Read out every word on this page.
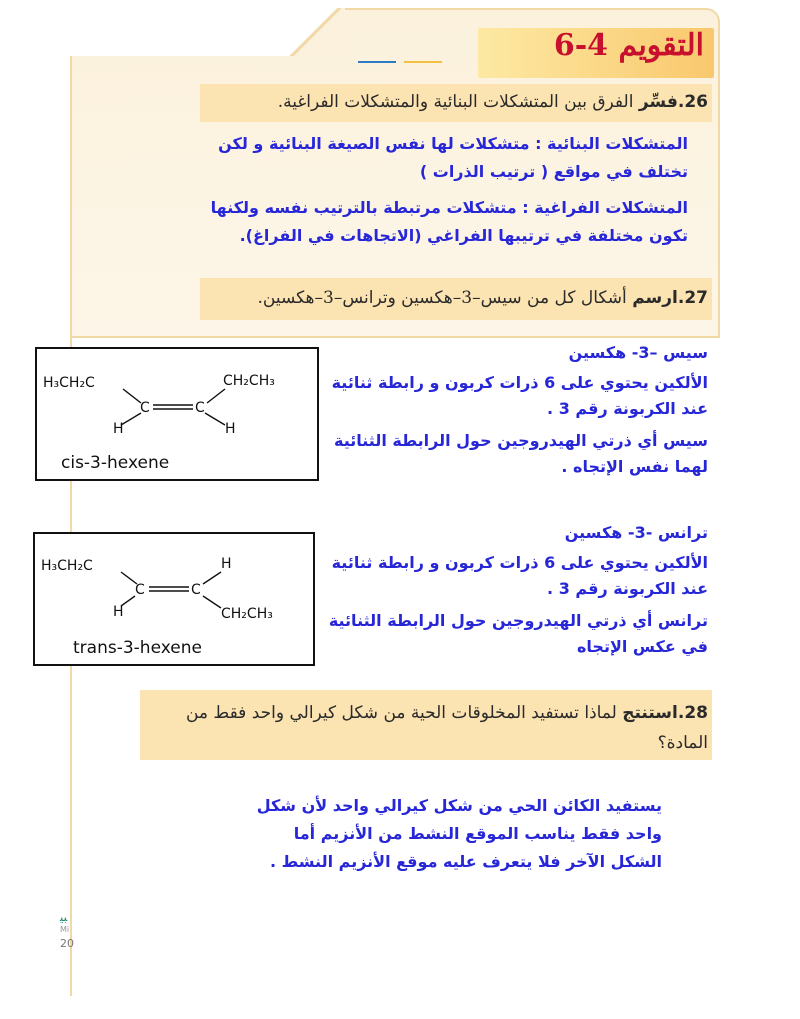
التقويم 4-6
26.فسِّر الفرق بين المتشكلات البنائية والمتشكلات الفراغية.
المتشكلات البنائية : متشكلات لها نفس الصيغة البنائية و لكن
تختلف في مواقع ( ترتيب الذرات )
المتشكلات الفراغية : متشكلات مرتبطة بالترتيب نفسه ولكنها
تكون مختلفة في ترتيبها الفراغي (الاتجاهات في الفراغ).
27.ارسم أشكال كل من سيس–3–هكسين وترانس–3–هكسين.
H₃CH₂C	CH₂CH₃
C	C
H	H
cis-3-hexene
سيس –3- هكسين
الألكين يحتوي على 6 ذرات كربون و رابطة ثنائية
عند الكربونة رقم 3 .
سيس أي ذرتي الهيدروجين حول الرابطة الثنائية
لهما نفس الإتجاه .
H₃CH₂C	H
C	C
H	CH₂CH₃
trans-3-hexene
ترانس -3- هكسين
الألكين يحتوي على 6 ذرات كربون و رابطة ثنائية
عند الكربونة رقم 3 .
ترانس أي ذرتي الهيدروجين حول الرابطة الثنائية
في عكس الإتجاه
28.استنتج لماذا تستفيد المخلوقات الحية من شكل كيرالي واحد فقط من
المادة؟
يستفيد الكائن الحي من شكل كيرالي واحد لأن شكل
واحد فقط يناسب الموقع النشط من الأنزيم أما
الشكل الآخر فلا يتعرف عليه موقع الأنزيم النشط .
ﺒﻴ
Mi
20
